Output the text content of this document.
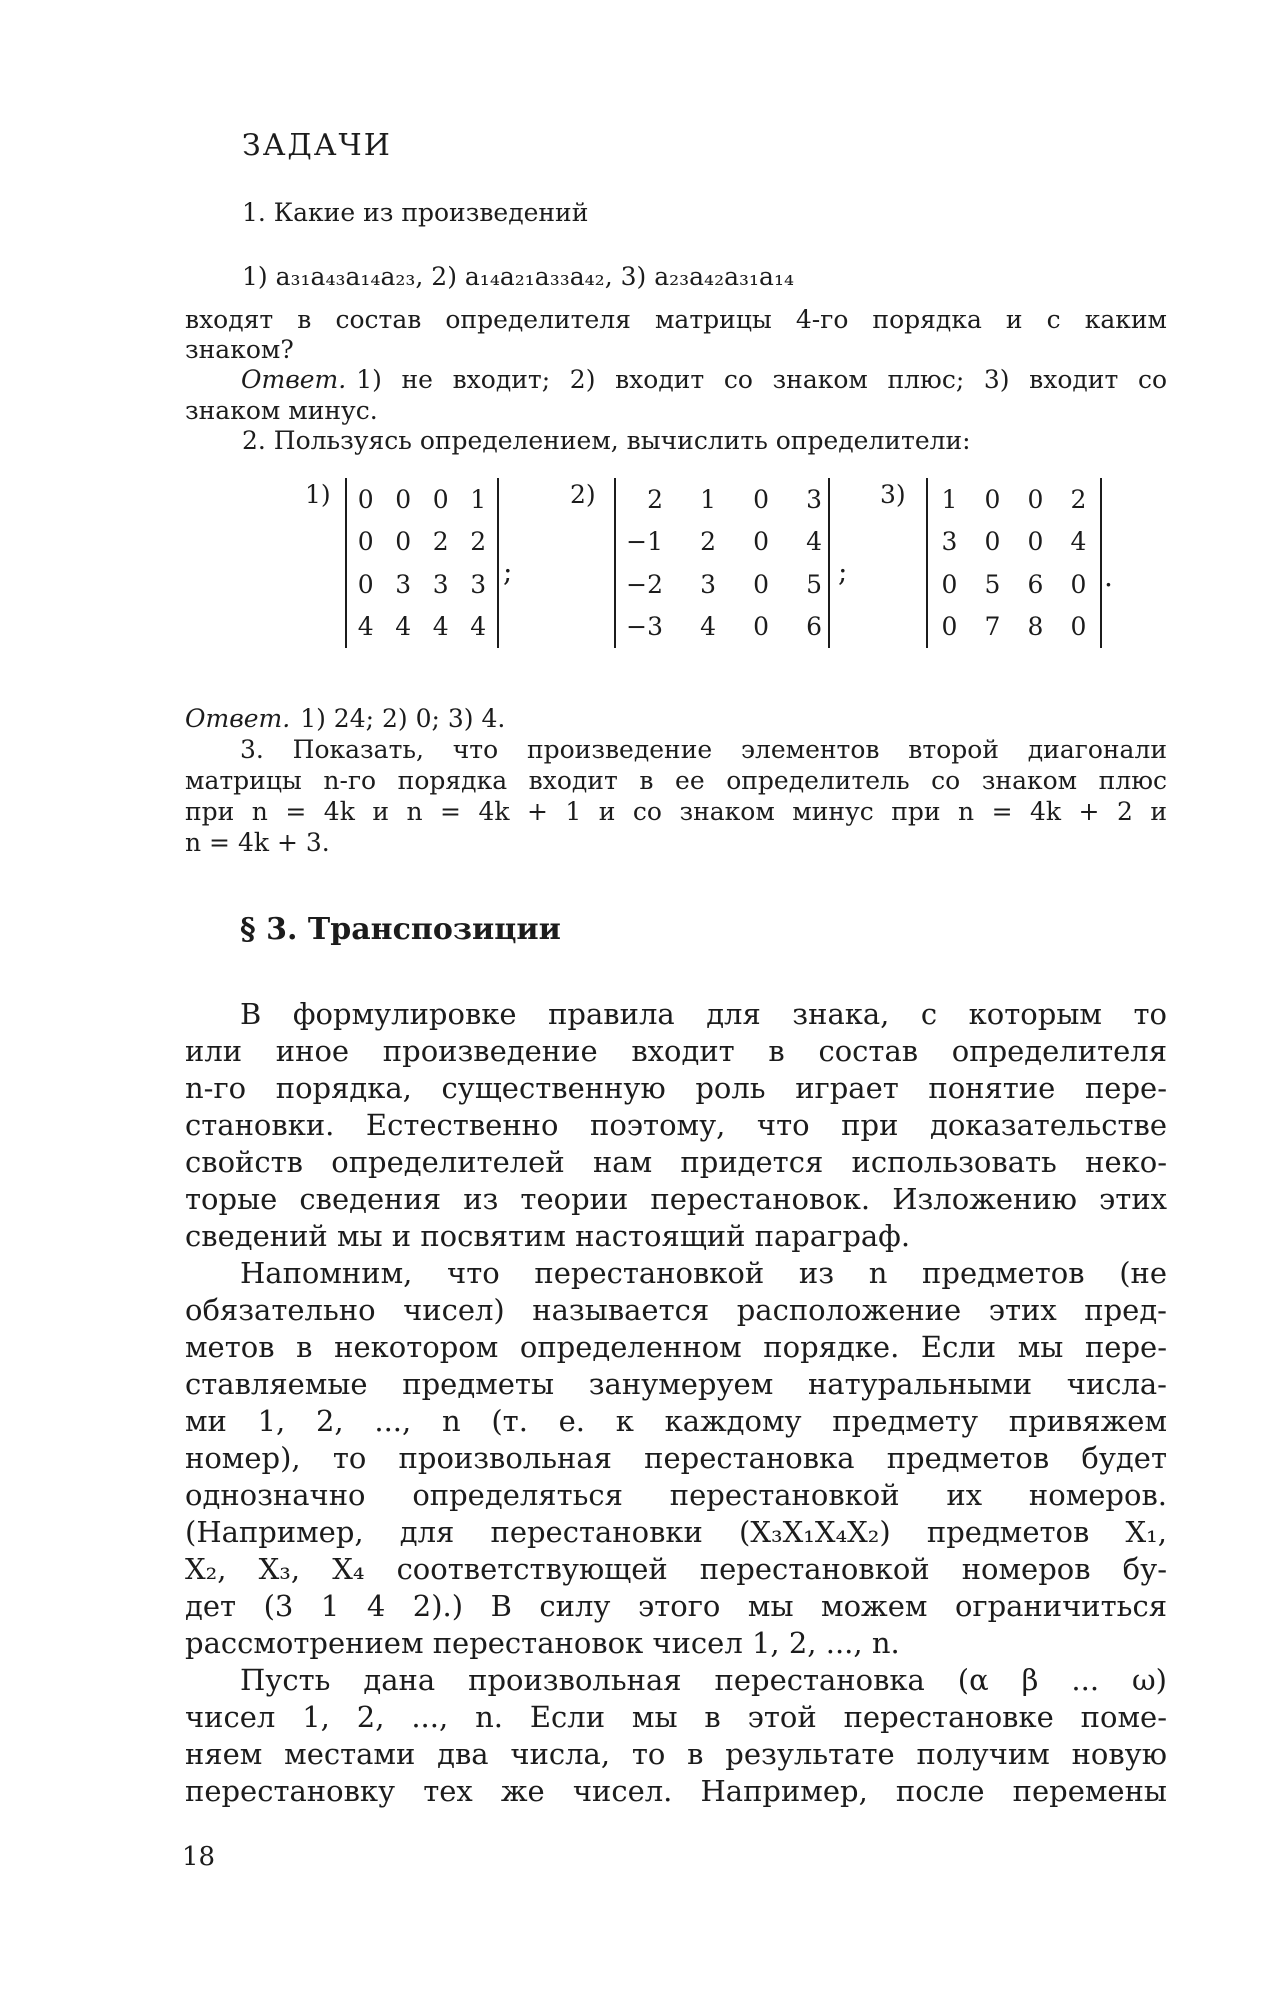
ЗАДАЧИ
1. Какие из произведений
1) a₃₁a₄₃a₁₄a₂₃, 2) a₁₄a₂₁a₃₃a₄₂, 3) a₂₃a₄₂a₃₁a₁₄
входят в состав определителя матрицы 4-го порядка и с каким
знаком?
Ответ. 1) не входит; 2) входит со знаком плюс; 3) входит со
знаком минус.
2. Пользуясь определением, вычислить определители:
1)	0 0 0 1
0 0 2 2
0 3 3 3
4 4 4 4
;
2)	2	1	0	3
−1	2	0	4
−2	3	0	5
−3	4	0	6
;
3)	1	0	0	2
3	0	0	4
0	5	6	0
0	7	8	0
.
Ответ. 1) 24; 2) 0; 3) 4.
3. Показать, что произведение элементов второй диагонали
матрицы n-го порядка входит в ее определитель со знаком плюс
при n = 4k и n = 4k + 1 и со знаком минус при n = 4k + 2 и
n = 4k + 3.
§ 3. Транспозиции
В формулировке правила для знака, с которым то
или иное произведение входит в состав определителя
n-го порядка, существенную роль играет понятие пере-
становки. Естественно поэтому, что при доказательстве
свойств определителей нам придется использовать неко-
торые сведения из теории перестановок. Изложению этих
сведений мы и посвятим настоящий параграф.
Напомним, что перестановкой из n предметов (не
обязательно чисел) называется расположение этих пред-
метов в некотором определенном порядке. Если мы пере-
ставляемые предметы занумеруем натуральными числа-
ми 1, 2, ..., n (т. е. к каждому предмету привяжем
номер), то произвольная перестановка предметов будет
однозначно определяться перестановкой их номеров.
(Например, для перестановки (X₃X₁X₄X₂) предметов X₁,
X₂, X₃, X₄ соответствующей перестановкой номеров бу-
дет (3 1 4 2).) В силу этого мы можем ограничиться
рассмотрением перестановок чисел 1, 2, ..., n.
Пусть дана произвольная перестановка (α β ... ω)
чисел 1, 2, ..., n. Если мы в этой перестановке поме-
няем местами два числа, то в результате получим новую
перестановку тех же чисел. Например, после перемены
18
